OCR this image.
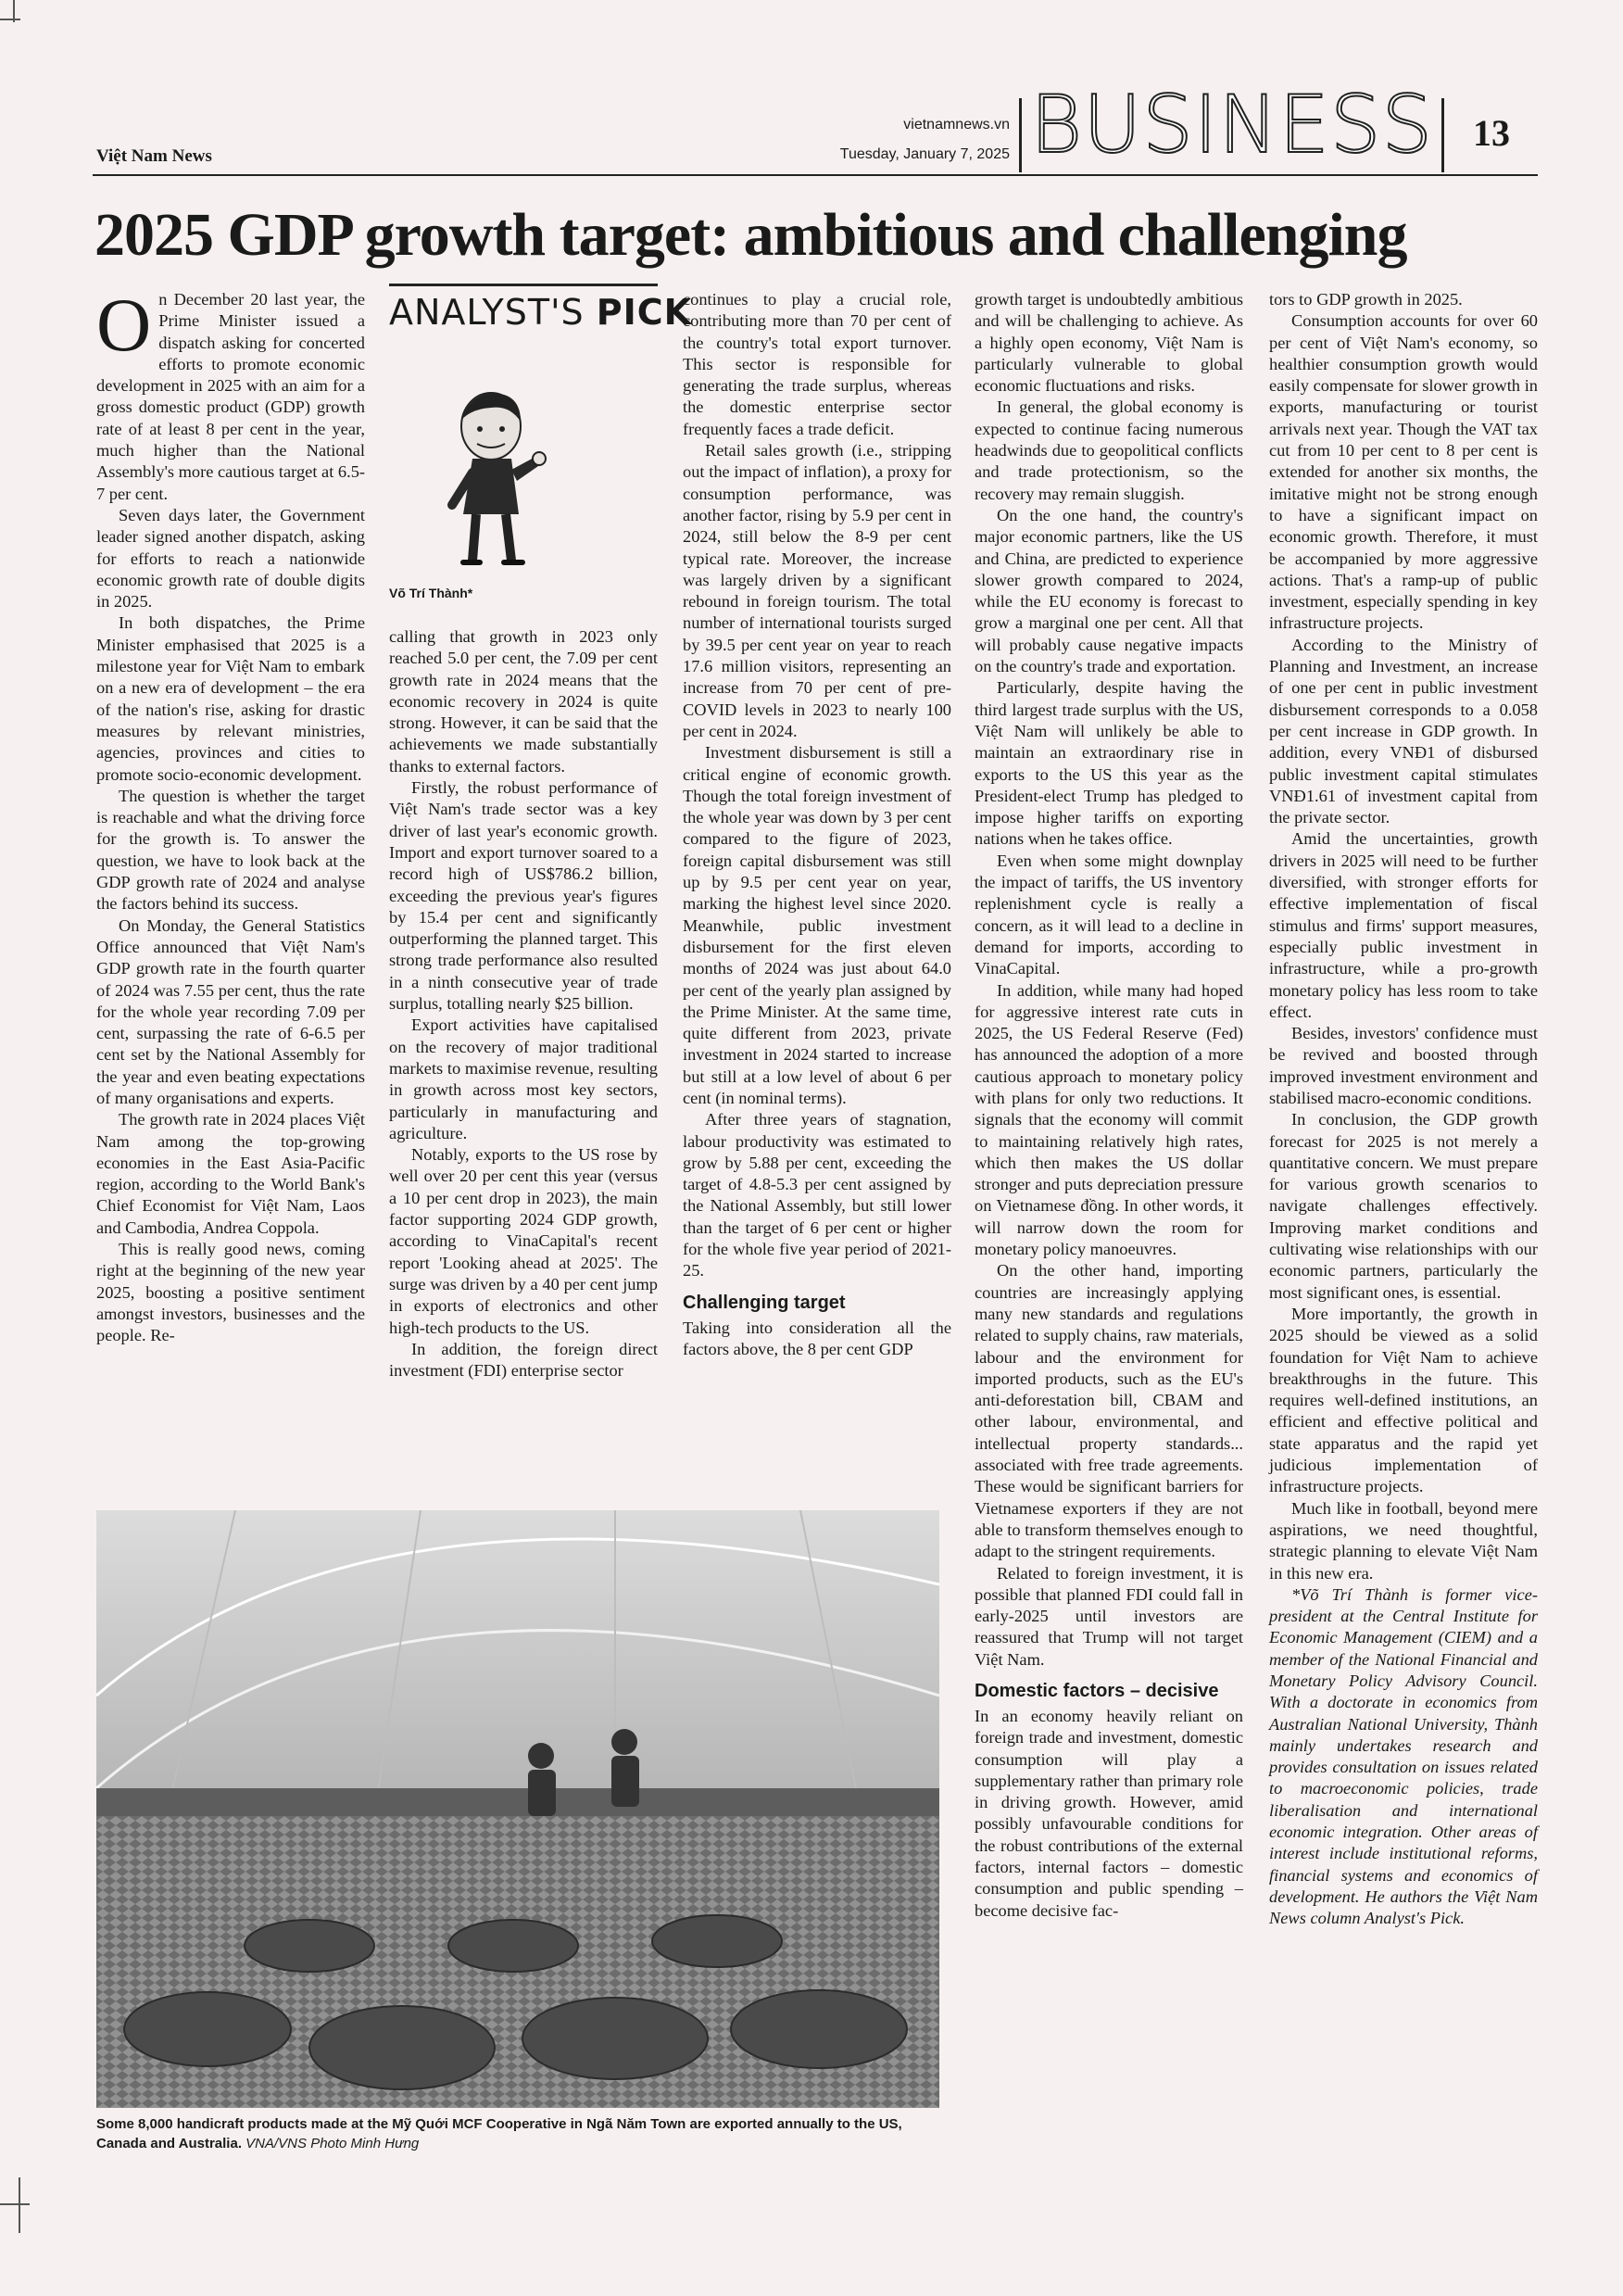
Việt Nam News
vietnamnews.vn
Tuesday, January 7, 2025 BUSINESS 13
2025 GDP growth target: ambitious and challenging

On December 20 last year, the Prime Minister issued a dispatch asking for concerted efforts to promote economic development in 2025 with an aim for a gross domestic product (GDP) growth rate of at least 8 per cent in the year, much higher than the National Assembly's more cautious target at 6.5-7 per cent.

Seven days later, the Government leader signed another dispatch, asking for efforts to reach a nationwide economic growth rate of double digits in 2025.

In both dispatches, the Prime Minister emphasised that 2025 is a milestone year for Việt Nam to embark on a new era of development – the era of the nation's rise, asking for drastic measures by relevant ministries, agencies, provinces and cities to promote socio-economic development.

The question is whether the target is reachable and what the driving force for the growth is. To answer the question, we have to look back at the GDP growth rate of 2024 and analyse the factors behind its success.

On Monday, the General Statistics Office announced that Việt Nam's GDP growth rate in the fourth quarter of 2024 was 7.55 per cent, thus the rate for the whole year recording 7.09 per cent, surpassing the rate of 6-6.5 per cent set by the National Assembly for the year and even beating expectations of many organisations and experts.

The growth rate in 2024 places Việt Nam among the top-growing economies in the East Asia-Pacific region, according to the World Bank's Chief Economist for Việt Nam, Laos and Cambodia, Andrea Coppola.

This is really good news, coming right at the beginning of the new year 2025, boosting a positive sentiment amongst investors, businesses and the people. Re-

ANALYST'S PICK
Võ Trí Thành*

calling that growth in 2023 only reached 5.0 per cent, the 7.09 per cent growth rate in 2024 means that the economic recovery in 2024 is quite strong. However, it can be said that the achievements we made substantially thanks to external factors.

Firstly, the robust performance of Việt Nam's trade sector was a key driver of last year's economic growth. Import and export turnover soared to a record high of US$786.2 billion, exceeding the previous year's figures by 15.4 per cent and significantly outperforming the planned target. This strong trade performance also resulted in a ninth consecutive year of trade surplus, totalling nearly $25 billion.

Export activities have capitalised on the recovery of major traditional markets to maximise revenue, resulting in growth across most key sectors, particularly in manufacturing and agriculture.

Notably, exports to the US rose by well over 20 per cent this year (versus a 10 per cent drop in 2023), the main factor supporting 2024 GDP growth, according to VinaCapital's recent report 'Looking ahead at 2025'. The surge was driven by a 40 per cent jump in exports of electronics and other high-tech products to the US.

In addition, the foreign direct investment (FDI) enterprise sector

continues to play a crucial role, contributing more than 70 per cent of the country's total export turnover. This sector is responsible for generating the trade surplus, whereas the domestic enterprise sector frequently faces a trade deficit.

Retail sales growth (i.e., stripping out the impact of inflation), a proxy for consumption performance, was another factor, rising by 5.9 per cent in 2024, still below the 8-9 per cent typical rate. Moreover, the increase was largely driven by a significant rebound in foreign tourism. The total number of international tourists surged by 39.5 per cent year on year to reach 17.6 million visitors, representing an increase from 70 per cent of pre-COVID levels in 2023 to nearly 100 per cent in 2024.

Investment disbursement is still a critical engine of economic growth. Though the total foreign investment of the whole year was down by 3 per cent compared to the figure of 2023, foreign capital disbursement was still up by 9.5 per cent year on year, marking the highest level since 2020. Meanwhile, public investment disbursement for the first eleven months of 2024 was just about 64.0 per cent of the yearly plan assigned by the Prime Minister. At the same time, quite different from 2023, private investment in 2024 started to increase but still at a low level of about 6 per cent (in nominal terms).

After three years of stagnation, labour productivity was estimated to grow by 5.88 per cent, exceeding the target of 4.8-5.3 per cent assigned by the National Assembly, but still lower than the target of 6 per cent or higher for the whole five year period of 2021-25.

Challenging target

Taking into consideration all the factors above, the 8 per cent GDP

growth target is undoubtedly ambitious and will be challenging to achieve. As a highly open economy, Việt Nam is particularly vulnerable to global economic fluctuations and risks.

In general, the global economy is expected to continue facing numerous headwinds due to geopolitical conflicts and trade protectionism, so the recovery may remain sluggish.

On the one hand, the country's major economic partners, like the US and China, are predicted to experience slower growth compared to 2024, while the EU economy is forecast to grow a marginal one per cent. All that will probably cause negative impacts on the country's trade and exportation.

Particularly, despite having the third largest trade surplus with the US, Việt Nam will unlikely be able to maintain an extraordinary rise in exports to the US this year as the President-elect Trump has pledged to impose higher tariffs on exporting nations when he takes office.

Even when some might downplay the impact of tariffs, the US inventory replenishment cycle is really a concern, as it will lead to a decline in demand for imports, according to VinaCapital.

In addition, while many had hoped for aggressive interest rate cuts in 2025, the US Federal Reserve (Fed) has announced the adoption of a more cautious approach to monetary policy with plans for only two reductions. It signals that the economy will commit to maintaining relatively high rates, which then makes the US dollar stronger and puts depreciation pressure on Vietnamese đồng. In other words, it will narrow down the room for monetary policy manoeuvres.

On the other hand, importing countries are increasingly applying many new standards and regulations related to supply chains, raw materials, labour and the environment for imported products, such as the EU's anti-deforestation bill, CBAM and other labour, environmental, and intellectual property standards... associated with free trade agreements. These would be significant barriers for Vietnamese exporters if they are not able to transform themselves enough to adapt to the stringent requirements.

Related to foreign investment, it is possible that planned FDI could fall in early-2025 until investors are reassured that Trump will not target Việt Nam.

Domestic factors – decisive

In an economy heavily reliant on foreign trade and investment, domestic consumption will play a supplementary rather than primary role in driving growth. However, amid possibly unfavourable conditions for the robust contributions of the external factors, internal factors – domestic consumption and public spending – become decisive fac-

tors to GDP growth in 2025.

Consumption accounts for over 60 per cent of Việt Nam's economy, so healthier consumption growth would easily compensate for slower growth in exports, manufacturing or tourist arrivals next year. Though the VAT tax cut from 10 per cent to 8 per cent is extended for another six months, the imitative might not be strong enough to have a significant impact on economic growth. Therefore, it must be accompanied by more aggressive actions. That's a ramp-up of public investment, especially spending in key infrastructure projects.

According to the Ministry of Planning and Investment, an increase of one per cent in public investment disbursement corresponds to a 0.058 per cent increase in GDP growth. In addition, every VNĐ1 of disbursed public investment capital stimulates VNĐ1.61 of investment capital from the private sector.

Amid the uncertainties, growth drivers in 2025 will need to be further diversified, with stronger efforts for effective implementation of fiscal stimulus and firms' support measures, especially public investment in infrastructure, while a pro-growth monetary policy has less room to take effect.

Besides, investors' confidence must be revived and boosted through improved investment environment and stabilised macro-economic conditions.

In conclusion, the GDP growth forecast for 2025 is not merely a quantitative concern. We must prepare for various growth scenarios to navigate challenges effectively. Improving market conditions and cultivating wise relationships with our economic partners, particularly the most significant ones, is essential.

More importantly, the growth in 2025 should be viewed as a solid foundation for Việt Nam to achieve breakthroughs in the future. This requires well-defined institutions, an efficient and effective political and state apparatus and the rapid yet judicious implementation of infrastructure projects.

Much like in football, beyond mere aspirations, we need thoughtful, strategic planning to elevate Việt Nam in this new era.

*Võ Trí Thành is former vice-president at the Central Institute for Economic Management (CIEM) and a member of the National Financial and Monetary Policy Advisory Council. With a doctorate in economics from Australian National University, Thành mainly undertakes research and provides consultation on issues related to macroeconomic policies, trade liberalisation and international economic integration. Other areas of interest include institutional reforms, financial systems and economics of development. He authors the Việt Nam News column Analyst's Pick.

Some 8,000 handicraft products made at the Mỹ Quới MCF Cooperative in Ngã Năm Town are exported annually to the US, Canada and Australia. VNA/VNS Photo Minh Hưng
